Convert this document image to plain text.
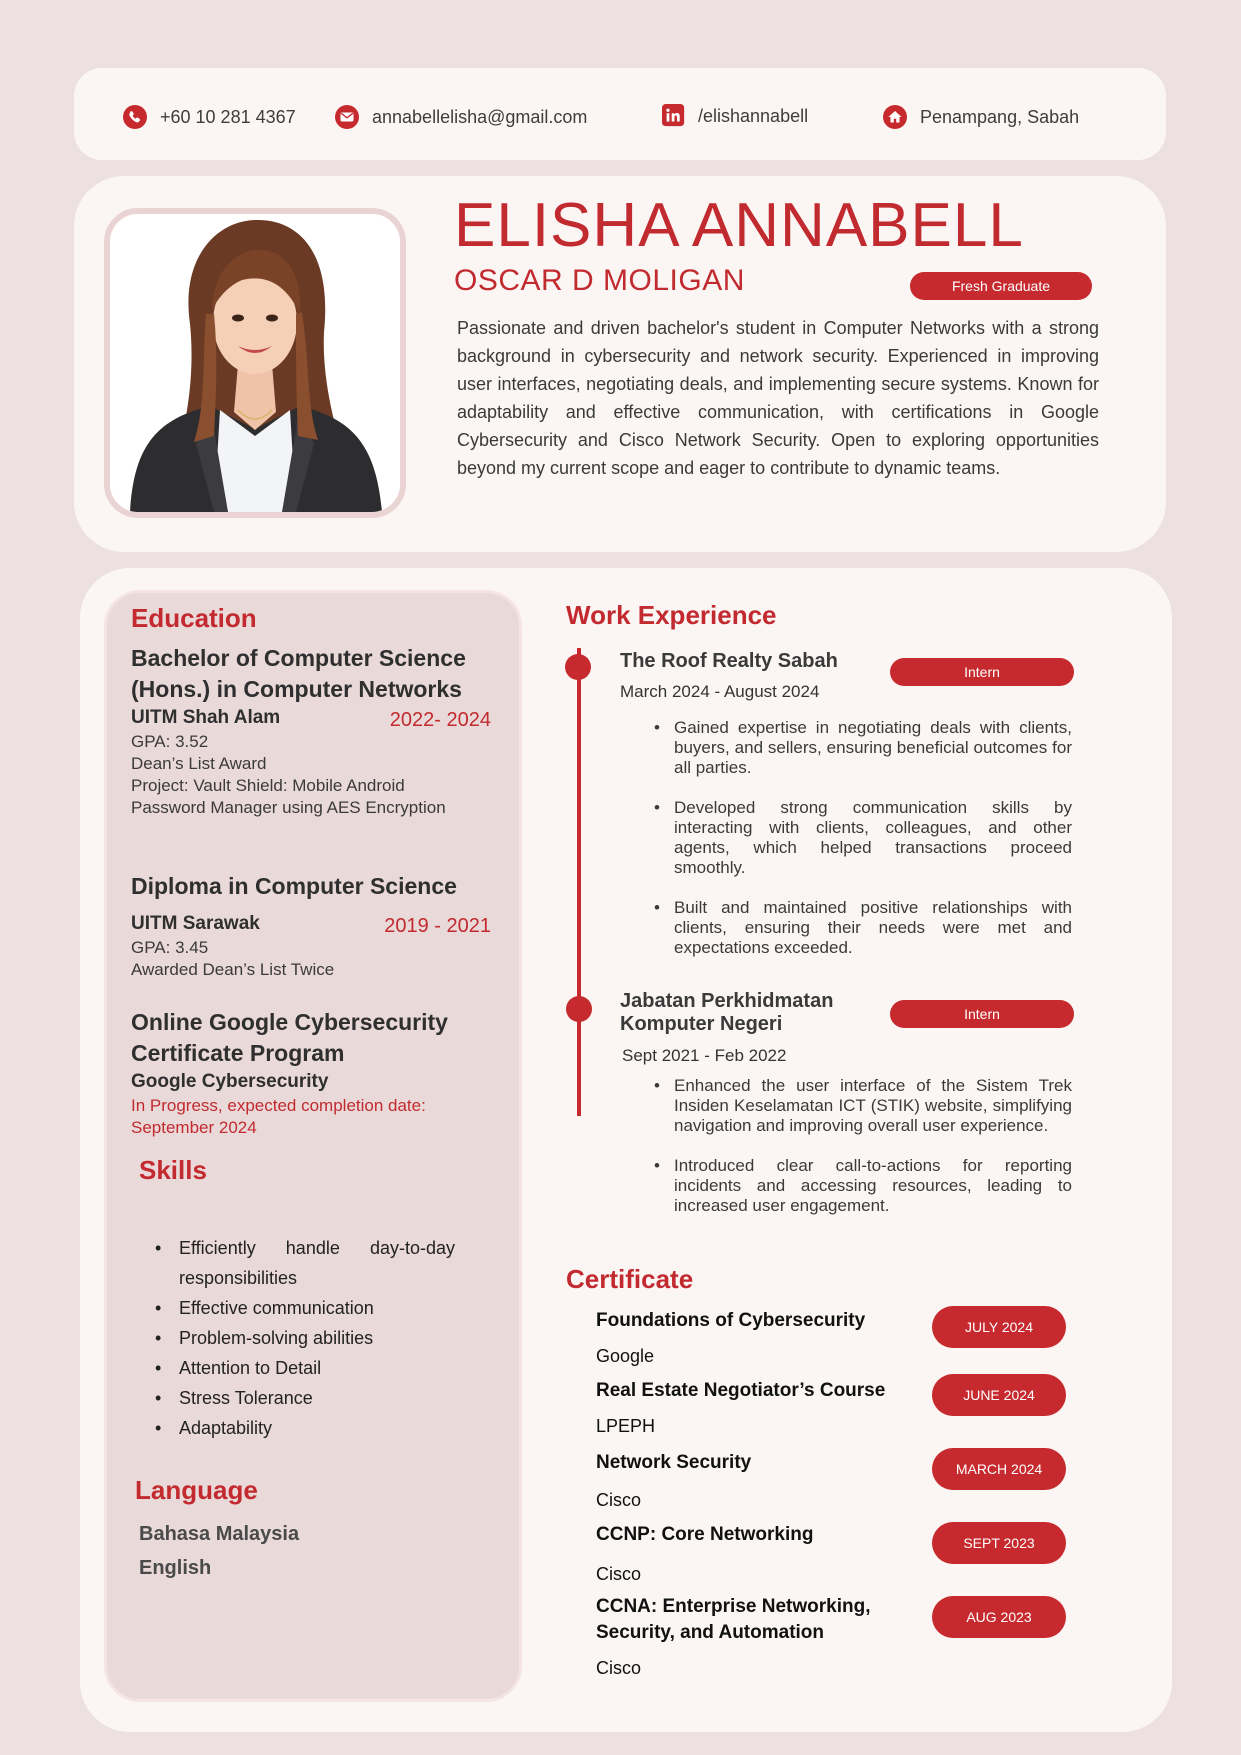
+60 10 281 4367	annabellelisha@gmail.com	/elishannabell	Penampang, Sabah
ELISHA ANNABELL
OSCAR D MOLIGAN	Fresh Graduate

Passionate and driven bachelor's student in Computer Networks with a strong background in cybersecurity and network security. Experienced in improving user interfaces, negotiating deals, and implementing secure systems. Known for adaptability and effective communication, with certifications in Google Cybersecurity and Cisco Network Security. Open to exploring opportunities beyond my current scope and eager to contribute to dynamic teams.

Education
Bachelor of Computer Science (Hons.) in Computer Networks
UITM Shah Alam	2022- 2024
GPA: 3.52
Dean’s List Award
Project: Vault Shield: Mobile Android Password Manager using AES Encryption
Diploma in Computer Science
UITM Sarawak	2019 - 2021
GPA: 3.45
Awarded Dean’s List Twice
Online Google Cybersecurity Certificate Program
Google Cybersecurity
In Progress, expected completion date: September 2024
Skills
• Efficiently handle day-to-day responsibilities
• Effective communication
• Problem-solving abilities
• Attention to Detail
• Stress Tolerance
• Adaptability
Language
Bahasa Malaysia
English
Work Experience
The Roof Realty Sabah
March 2024 - August 2024
Intern
• Gained expertise in negotiating deals with clients, buyers, and sellers, ensuring beneficial outcomes for all parties.
• Developed strong communication skills by interacting with clients, colleagues, and other agents, which helped transactions proceed smoothly.
• Built and maintained positive relationships with clients, ensuring their needs were met and expectations exceeded.
Jabatan Perkhidmatan Komputer Negeri
Sept 2021 - Feb 2022
Intern
• Enhanced the user interface of the Sistem Trek Insiden Keselamatan ICT (STIK) website, simplifying navigation and improving overall user experience.
• Introduced clear call-to-actions for reporting incidents and accessing resources, leading to increased user engagement.
Certificate
Foundations of Cybersecurity
Google
JULY 2024
Real Estate Negotiator’s Course
LPEPH
JUNE 2024
Network Security
Cisco
MARCH 2024
CCNP: Core Networking
Cisco
SEPT 2023
CCNA: Enterprise Networking, Security, and Automation
Cisco
AUG 2023
